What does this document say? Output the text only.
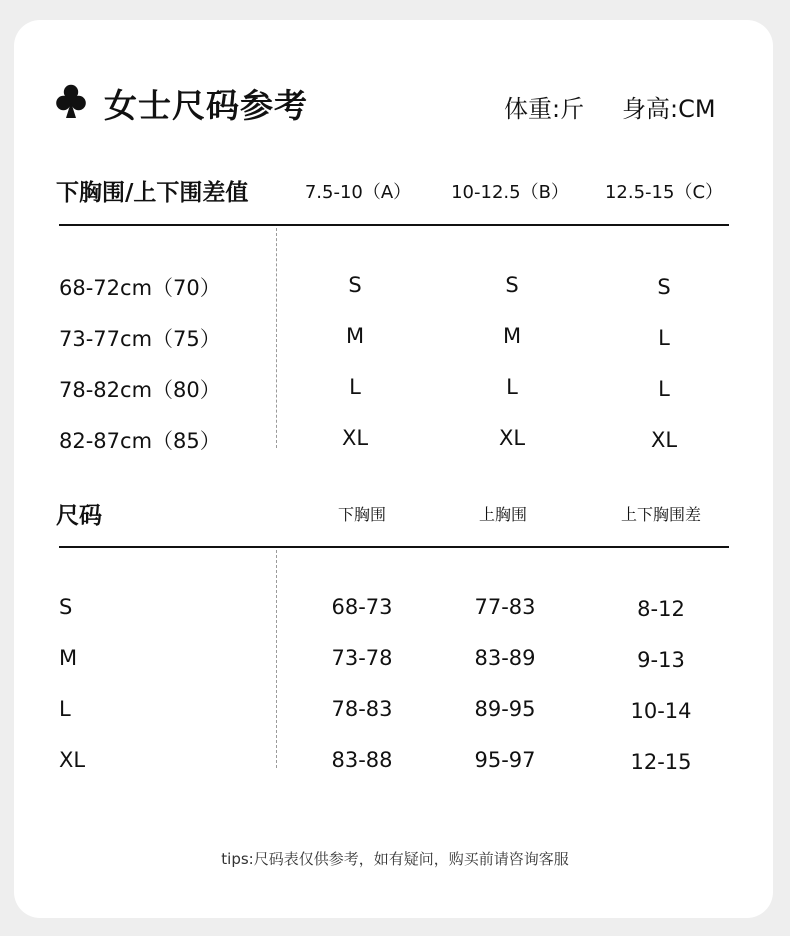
女士尺码参考	体重:斤 身高:CM
下胸围/上下围差值	7.5-10（A） 10-12.5（B） 12.5-15（C）
68-72cm（70）	S	S	S
73-77cm（75）	M	M	L
78-82cm（80）	L	L	L
82-87cm（85）	XL	XL	XL
尺码	下胸围	上胸围	上下胸围差
S	68-73	77-83	8-12
M	73-78	83-89	9-13
L	78-83	89-95	10-14
XL	83-88	95-97	12-15
tips:尺码表仅供参考，如有疑问，购买前请咨询客服
